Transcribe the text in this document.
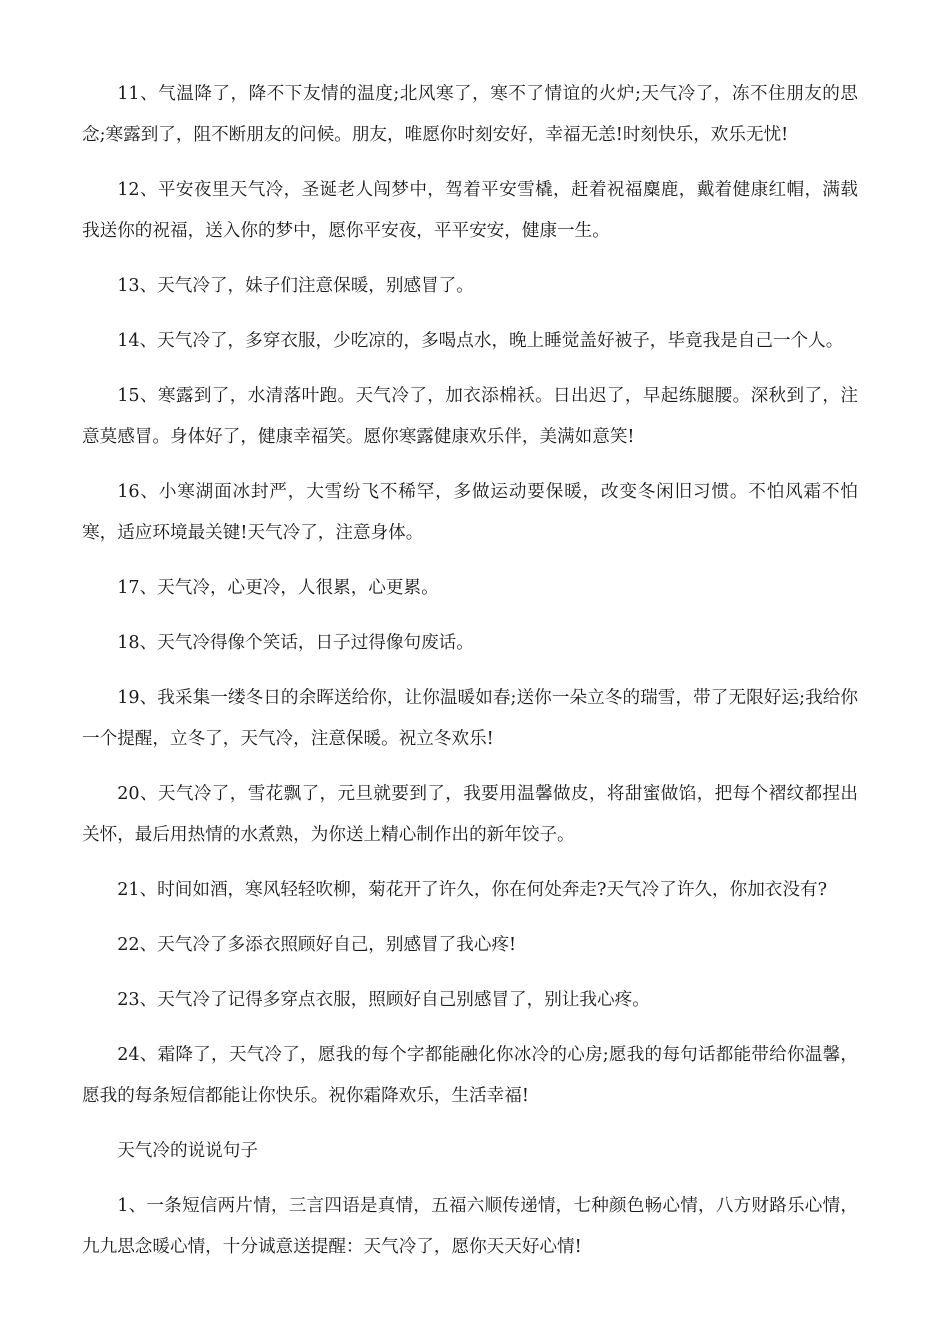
11、气温降了，降不下友情的温度;北风寒了，寒不了情谊的火炉;天气冷了，冻不住朋友的思念;寒露到了，阻不断朋友的问候。朋友，唯愿你时刻安好，幸福无恙!时刻快乐，欢乐无忧!

12、平安夜里天气冷，圣诞老人闯梦中，驾着平安雪橇，赶着祝福麋鹿，戴着健康红帽，满载我送你的祝福，送入你的梦中，愿你平安夜，平平安安，健康一生。

13、天气冷了，妹子们注意保暖，别感冒了。

14、天气冷了，多穿衣服，少吃凉的，多喝点水，晚上睡觉盖好被子，毕竟我是自己一个人。

15、寒露到了，水清落叶跑。天气冷了，加衣添棉袄。日出迟了，早起练腿腰。深秋到了，注意莫感冒。身体好了，健康幸福笑。愿你寒露健康欢乐伴，美满如意笑!

16、小寒湖面冰封严，大雪纷飞不稀罕，多做运动要保暖，改变冬闲旧习惯。不怕风霜不怕寒，适应环境最关键!天气冷了，注意身体。

17、天气冷，心更冷，人很累，心更累。

18、天气冷得像个笑话，日子过得像句废话。

19、我采集一缕冬日的余晖送给你，让你温暖如春;送你一朵立冬的瑞雪，带了无限好运;我给你一个提醒，立冬了，天气冷，注意保暖。祝立冬欢乐!

20、天气冷了，雪花飘了，元旦就要到了，我要用温馨做皮，将甜蜜做馅，把每个褶纹都捏出关怀，最后用热情的水煮熟，为你送上精心制作出的新年饺子。

21、时间如酒，寒风轻轻吹柳，菊花开了许久，你在何处奔走?天气冷了许久，你加衣没有?

22、天气冷了多添衣照顾好自己，别感冒了我心疼!

23、天气冷了记得多穿点衣服，照顾好自己别感冒了，别让我心疼。

24、霜降了，天气冷了，愿我的每个字都能融化你冰冷的心房;愿我的每句话都能带给你温馨，愿我的每条短信都能让你快乐。祝你霜降欢乐，生活幸福!

天气冷的说说句子

1、一条短信两片情，三言四语是真情，五福六顺传递情，七种颜色畅心情，八方财路乐心情，九九思念暖心情，十分诚意送提醒：天气冷了，愿你天天好心情!
